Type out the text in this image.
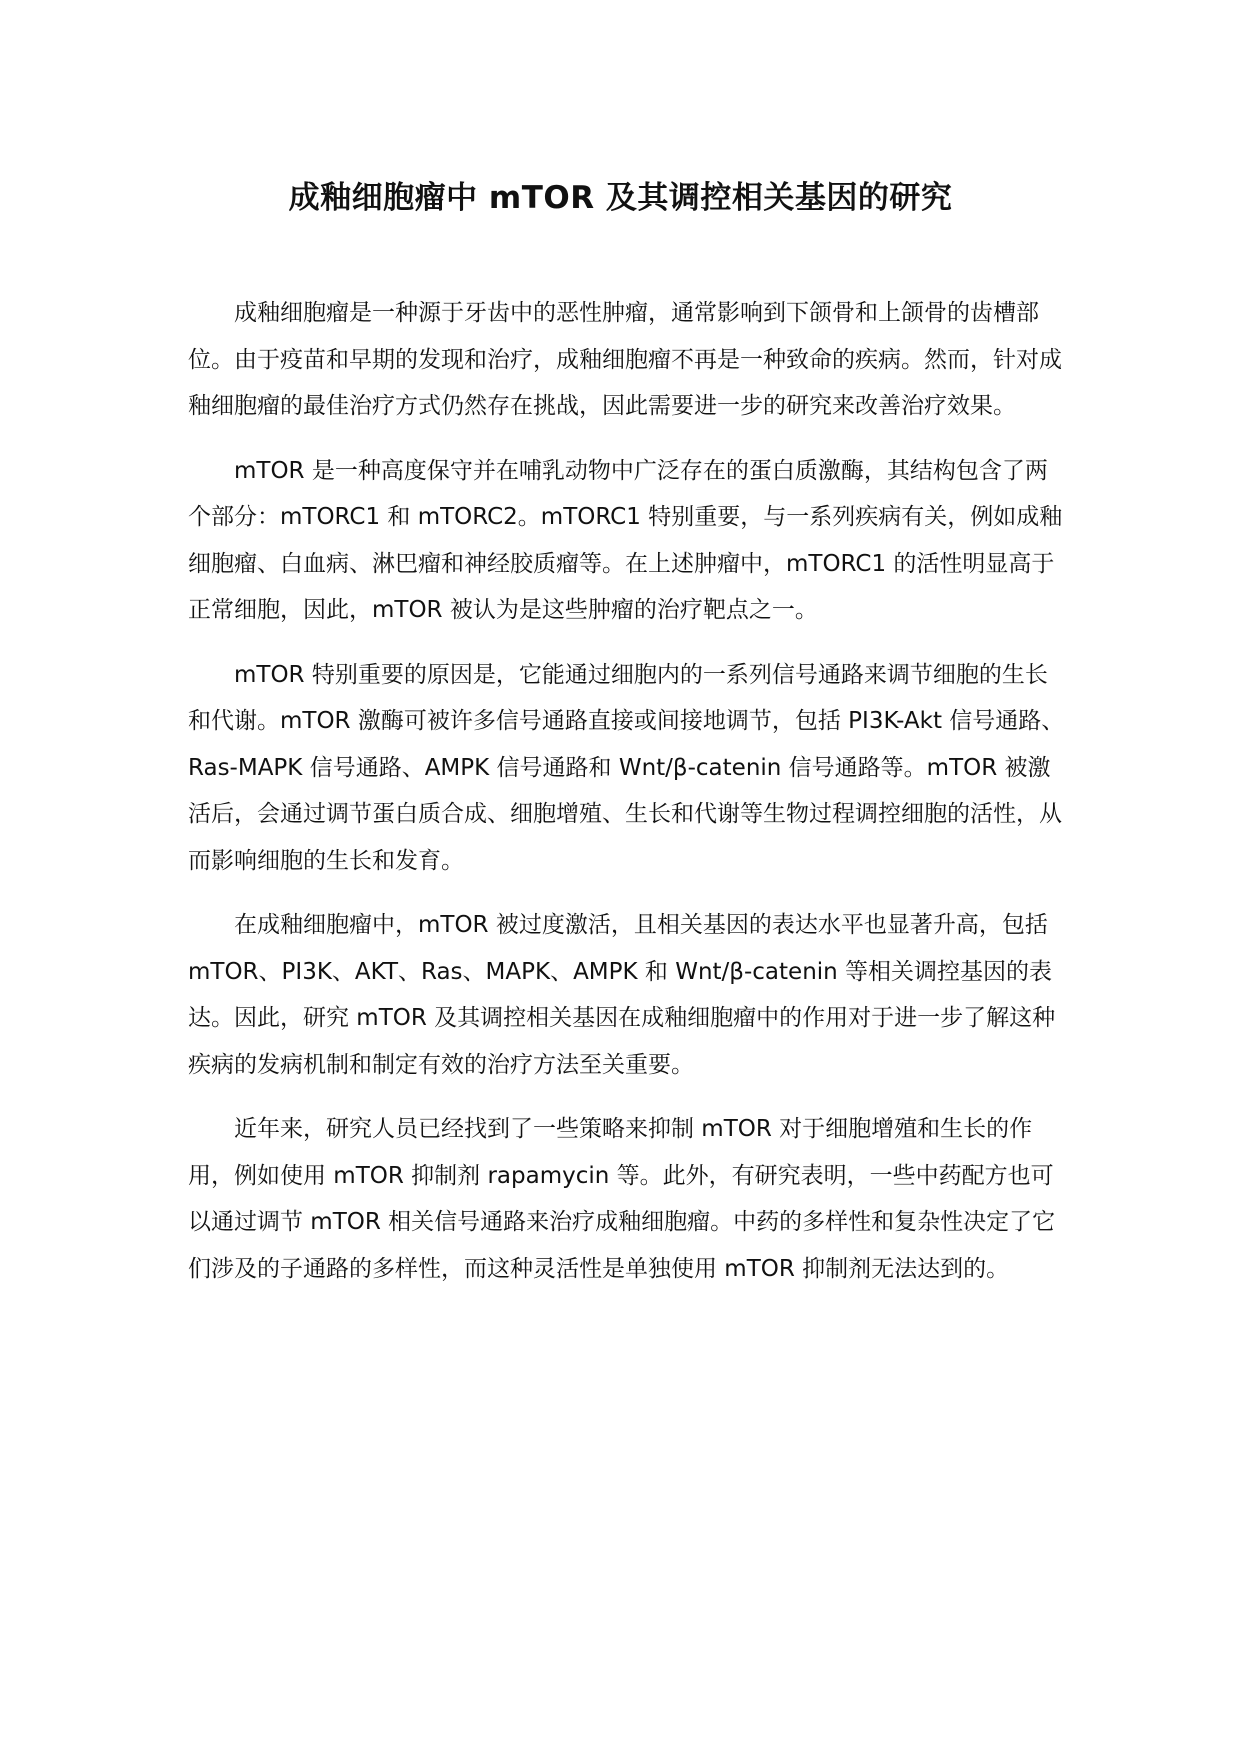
成釉细胞瘤中 mTOR 及其调控相关基因的研究

成釉细胞瘤是一种源于牙齿中的恶性肿瘤，通常影响到下颌骨和上颌骨的齿槽部位。由于疫苗和早期的发现和治疗，成釉细胞瘤不再是一种致命的疾病。然而，针对成釉细胞瘤的最佳治疗方式仍然存在挑战，因此需要进一步的研究来改善治疗效果。

mTOR 是一种高度保守并在哺乳动物中广泛存在的蛋白质激酶，其结构包含了两个部分：mTORC1 和 mTORC2。mTORC1 特别重要，与一系列疾病有关，例如成釉细胞瘤、白血病、淋巴瘤和神经胶质瘤等。在上述肿瘤中，mTORC1 的活性明显高于正常细胞，因此，mTOR 被认为是这些肿瘤的治疗靶点之一。

mTOR 特别重要的原因是，它能通过细胞内的一系列信号通路来调节细胞的生长和代谢。mTOR 激酶可被许多信号通路直接或间接地调节，包括 PI3K-Akt 信号通路、Ras-MAPK 信号通路、AMPK 信号通路和 Wnt/β-catenin 信号通路等。mTOR 被激活后，会通过调节蛋白质合成、细胞增殖、生长和代谢等生物过程调控细胞的活性，从而影响细胞的生长和发育。

在成釉细胞瘤中，mTOR 被过度激活，且相关基因的表达水平也显著升高，包括 mTOR、PI3K、AKT、Ras、MAPK、AMPK 和 Wnt/β-catenin 等相关调控基因的表达。因此，研究 mTOR 及其调控相关基因在成釉细胞瘤中的作用对于进一步了解这种疾病的发病机制和制定有效的治疗方法至关重要。

近年来，研究人员已经找到了一些策略来抑制 mTOR 对于细胞增殖和生长的作用，例如使用 mTOR 抑制剂 rapamycin 等。此外，有研究表明，一些中药配方也可以通过调节 mTOR 相关信号通路来治疗成釉细胞瘤。中药的多样性和复杂性决定了它们涉及的子通路的多样性，而这种灵活性是单独使用 mTOR 抑制剂无法达到的。
